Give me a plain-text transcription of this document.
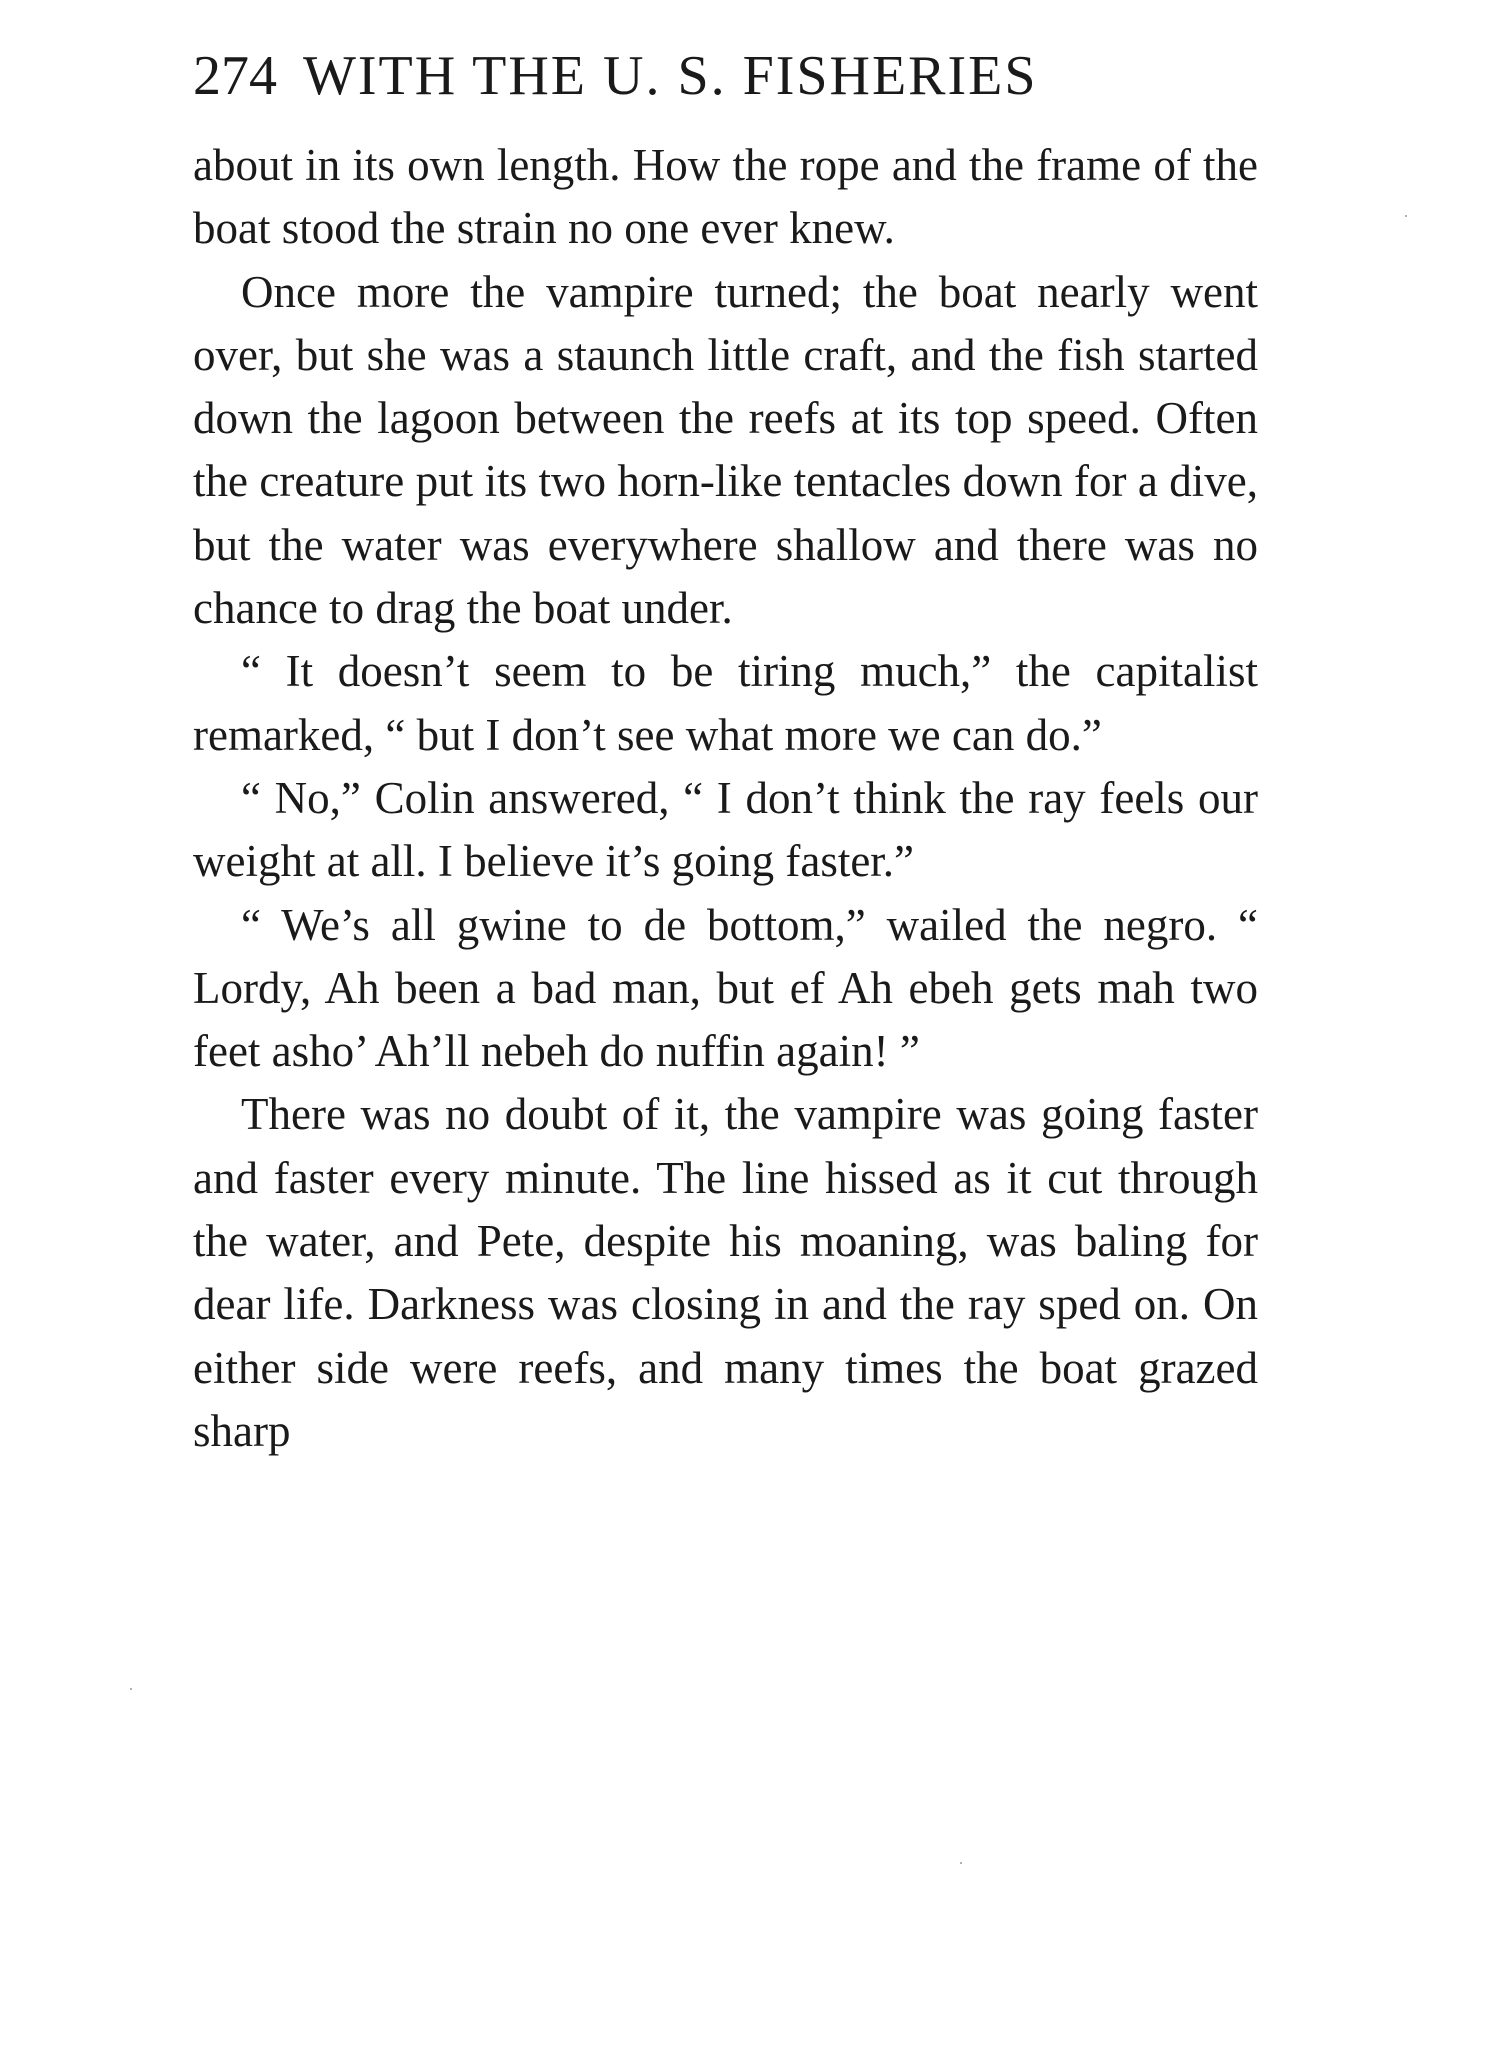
274 WITH THE U. S. FISHERIES

about in its own length. How the rope and the frame of the boat stood the strain no one ever knew.

Once more the vampire turned; the boat nearly went over, but she was a staunch little craft, and the fish started down the lagoon between the reefs at its top speed. Often the creature put its two horn-like tentacles down for a dive, but the water was everywhere shallow and there was no chance to drag the boat under.

“ It doesn’t seem to be tiring much,” the capitalist remarked, “ but I don’t see what more we can do.”

“ No,” Colin answered, “ I don’t think the ray feels our weight at all. I believe it’s going faster.”

“ We’s all gwine to de bottom,” wailed the negro. “ Lordy, Ah been a bad man, but ef Ah ebeh gets mah two feet asho’ Ah’ll nebeh do nuffin again! ”

There was no doubt of it, the vampire was going faster and faster every minute. The line hissed as it cut through the water, and Pete, despite his moaning, was baling for dear life. Darkness was closing in and the ray sped on. On either side were reefs, and many times the boat grazed sharp
